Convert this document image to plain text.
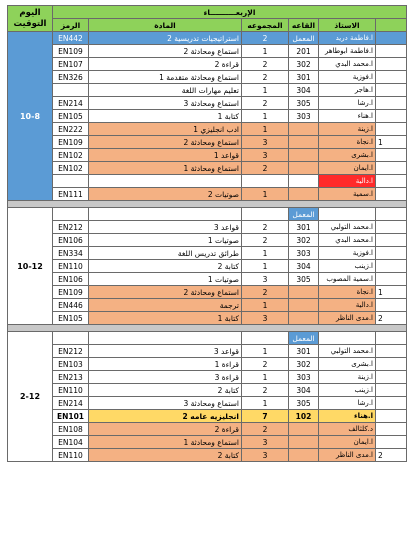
اليوم
التوقيت	الإربعــــــــــاء					
	الرمز	المادة	المجموعه	القاعه	الاستاذ	
10-8	EN442	استراتيجيات تدريسية 2	2	المعمل	ا.فاطمة دريد	
	EN109	استماع ومحادثة 2	1	201	ا.فاطمة ابوطاهر	
	EN107	قراءة 2	2	302	ا.محمد البدي	
	EN326	استماع ومحادثة متقدمة 1	2	301	ا.فوزية	
		تعليم مهارات اللغة	1	304	ا.هاجر	
	EN214	استماع ومحادثة 3	2	305	ا.رشا	
	EN105	كتابة 1	1	303	ا.هناء	
	EN222	ادب انجليزي 1	1		ا.زينة	
	EN109	استماع ومحادثة 2	3		ا.نجاة	1
	EN102	قواعد 1	3		ا.بشرى	
	EN102	استماع ومحادثة 1	2		ا.ايمان	
					ا.دالية	
	EN111	صوتيات 2	1		ا.سمية	

10-12				المعمل		
	EN212	قواعد 3	2	301	ا.محمد التولبي	
	EN106	صوتيات 1	2	302	ا.محمد البدي	
	EN334	طرائق تدريس اللغة	1	303	ا.فوزية	
	EN110	كتابة 2	1	304	ا.زينب	
	EN106	صوتيات 1	3	305	ا.سمية المصوب	
	EN109	استماع ومحادثة 2	2		ا.نجاة	1
	EN446	ترجمة	1		ا.دالية	
	EN105	كتابة 1	3		ا.مدى الناظر	2

2-12				المعمل		
	EN212	قواعد 3	1	301	ا.محمد التولبي	
	EN103	قراءة 1	2	302	ا.بشرى	
	EN213	قراءة 3	1	303	ا.زينة	
	EN110	كتابة 2	2	304	ا.زينب	
	EN214	استماع ومحادثة 3	1	305	ا.رشا	
	EN101	انجليزيه عامه 2	7	102	ا.هناء	
	EN108	قراءة 2	2		د.كلثالف	
	EN104	استماع ومحادثة 1	3		ا.ايمان	
	EN110	كتابة 2	3		ا.مدى الناظر	2
